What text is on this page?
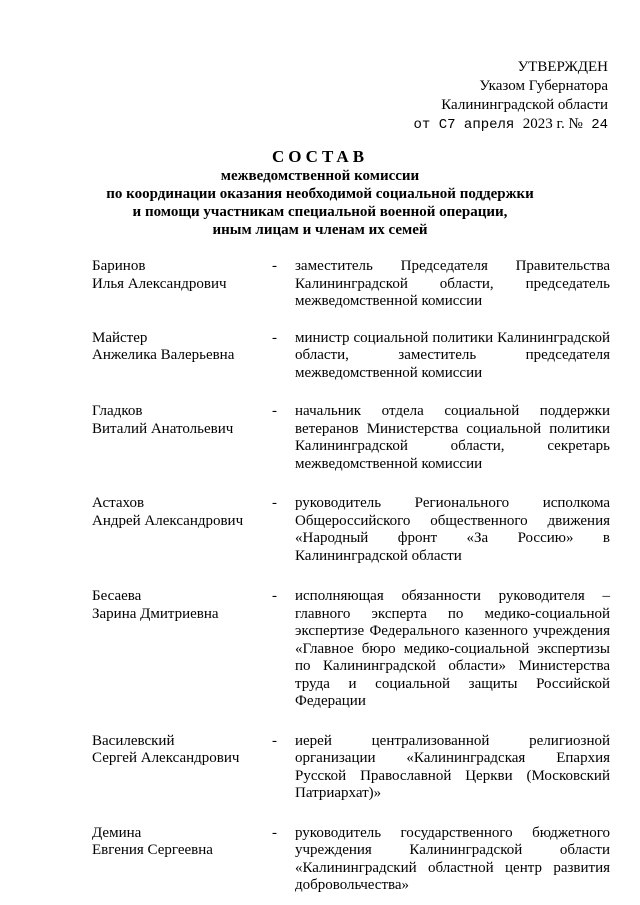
УТВЕРЖДЕН
Указом Губернатора
Калининградской области
от С7 апреля 2023 г. № 24
СОСТАВ
межведомственной комиссии
по координации оказания необходимой социальной поддержки
и помощи участникам специальной военной операции,
иным лицам и членам их семей
Баринов
Илья Александрович
-	заместитель Председателя Правительства Калининградской области, председатель межведомственной комиссии
Майстер
Анжелика Валерьевна
-	министр социальной политики Калининградской области, заместитель председателя межведомственной комиссии
Гладков
Виталий Анатольевич
-	начальник отдела социальной поддержки ветеранов Министерства социальной политики Калининградской области, секретарь межведомственной комиссии
Астахов
Андрей Александрович
-	руководитель Регионального исполкома Общероссийского общественного движения «Народный фронт «За Россию» в Калининградской области
Бесаева
Зарина Дмитриевна
-	исполняющая обязанности руководителя – главного эксперта по медико-социальной экспертизе Федерального казенного учреждения «Главное бюро медико-социальной экспертизы по Калининградской области» Министерства труда и социальной защиты Российской Федерации
Василевский
Сергей Александрович
-	иерей централизованной религиозной организации «Калининградская Епархия Русской Православной Церкви (Московский Патриархат)»
Демина
Евгения Сергеевна
-	руководитель государственного бюджетного учреждения Калининградской области «Калининградский областной центр развития добровольчества»
